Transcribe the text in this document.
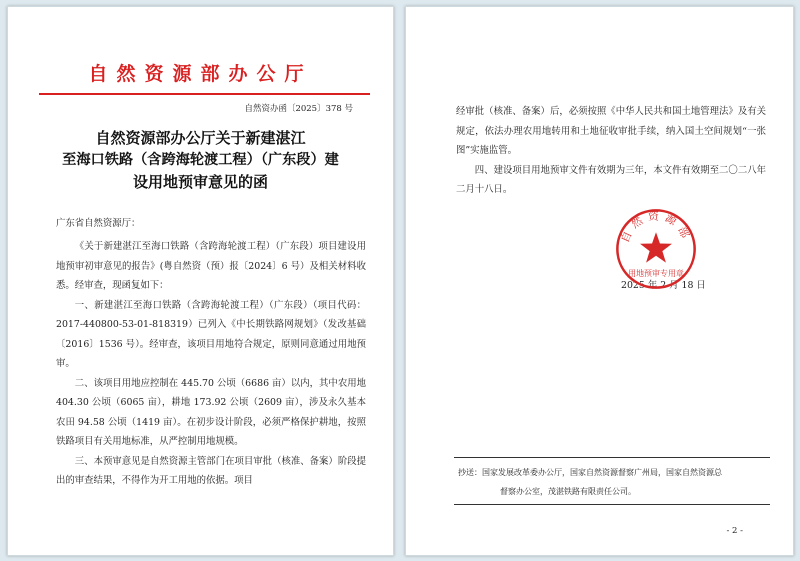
自然资源部办公厅
自然资办函〔2025〕378 号
自然资源部办公厅关于新建湛江
至海口铁路（含跨海轮渡工程）（广东段）建
设用地预审意见的函
广东省自然资源厅：

《关于新建湛江至海口铁路（含跨海轮渡工程）（广东段）项目建设用地预审初审意见的报告》(粤自然资（预）报〔2024〕6 号）及相关材料收悉。经审查，现函复如下：

一、新建湛江至海口铁路（含跨海轮渡工程）（广东段）（项目代码：2017-440800-53-01-818319）已列入《中长期铁路网规划》（发改基础〔2016〕1536 号）。经审查，该项目用地符合规定，原则同意通过用地预审。

二、该项目用地应控制在 445.70 公顷（6686 亩）以内，其中农用地 404.30 公顷（6065 亩），耕地 173.92 公顷（2609 亩），涉及永久基本农田 94.58 公顷（1419 亩）。在初步设计阶段，必须严格保护耕地，按照铁路项目有关用地标准，从严控制用地规模。

三、本预审意见是自然资源主管部门在项目审批（核准、备案）阶段提出的审查结果，不得作为开工用地的依据。项目

经审批（核准、备案）后，必须按照《中华人民共和国土地管理法》及有关规定，依法办理农用地转用和土地征收审批手续，纳入国土空间规划“一张图”实施监管。

四、建设项目用地预审文件有效期为三年，本文件有效期至二〇二八年二月十八日。

2025 年 2 月 18 日
自然资源部
用地预审专用章
抄送：国家发展改革委办公厅，国家自然资源督察广州局，国家自然资源总
督察办公室，茂湛铁路有限责任公司。
- 2 -
